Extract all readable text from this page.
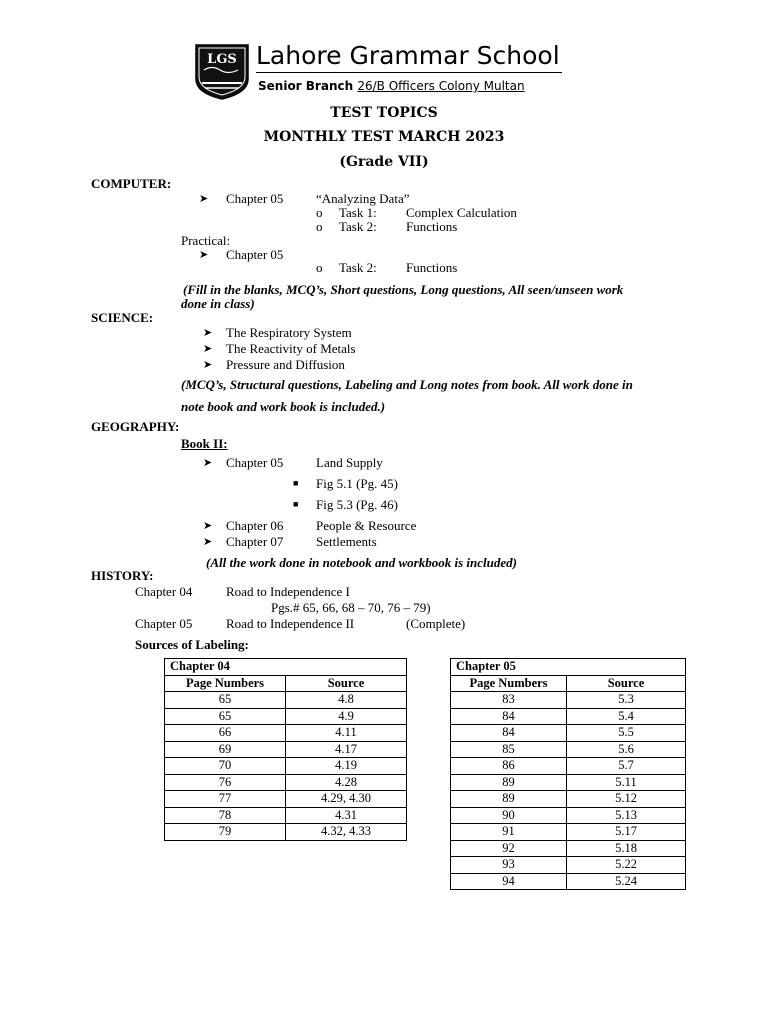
LGS Lahore Grammar School
Senior Branch 26/B Officers Colony Multan
TEST TOPICS
MONTHLY TEST MARCH 2023
(Grade VII)
COMPUTER:
➤ Chapter 05	“Analyzing Data”
o Task 1: Complex Calculation
o Task 2: Functions
Practical:
➤ Chapter 05
o Task 2: Functions
(Fill in the blanks, MCQ’s, Short questions, Long questions, All seen/unseen work
done in class)
SCIENCE:
➤ The Respiratory System
➤ The Reactivity of Metals
➤ Pressure and Diffusion
(MCQ’s, Structural questions, Labeling and Long notes from book. All work done in
note book and work book is included.)
GEOGRAPHY:
Book II:
➤ Chapter 05	Land Supply
■ Fig 5.1 (Pg. 45)
■ Fig 5.3 (Pg. 46)
➤ Chapter 06	People & Resource
➤ Chapter 07	Settlements
(All the work done in notebook and workbook is included)
HISTORY:
Chapter 04	Road to Independence I
Pgs.# 65, 66, 68 – 70, 76 – 79)
Chapter 05	Road to Independence II	(Complete)
Sources of Labeling:
Chapter 04	
Page Numbers	Source
65	4.8
65	4.9
66	4.11
69	4.17
70	4.19
76	4.28
77	4.29, 4.30
78	4.31
79	4.32, 4.33
Chapter 05	
Page Numbers	Source
83	5.3
84	5.4
84	5.5
85	5.6
86	5.7
89	5.11
89	5.12
90	5.13
91	5.17
92	5.18
93	5.22
94	5.24
